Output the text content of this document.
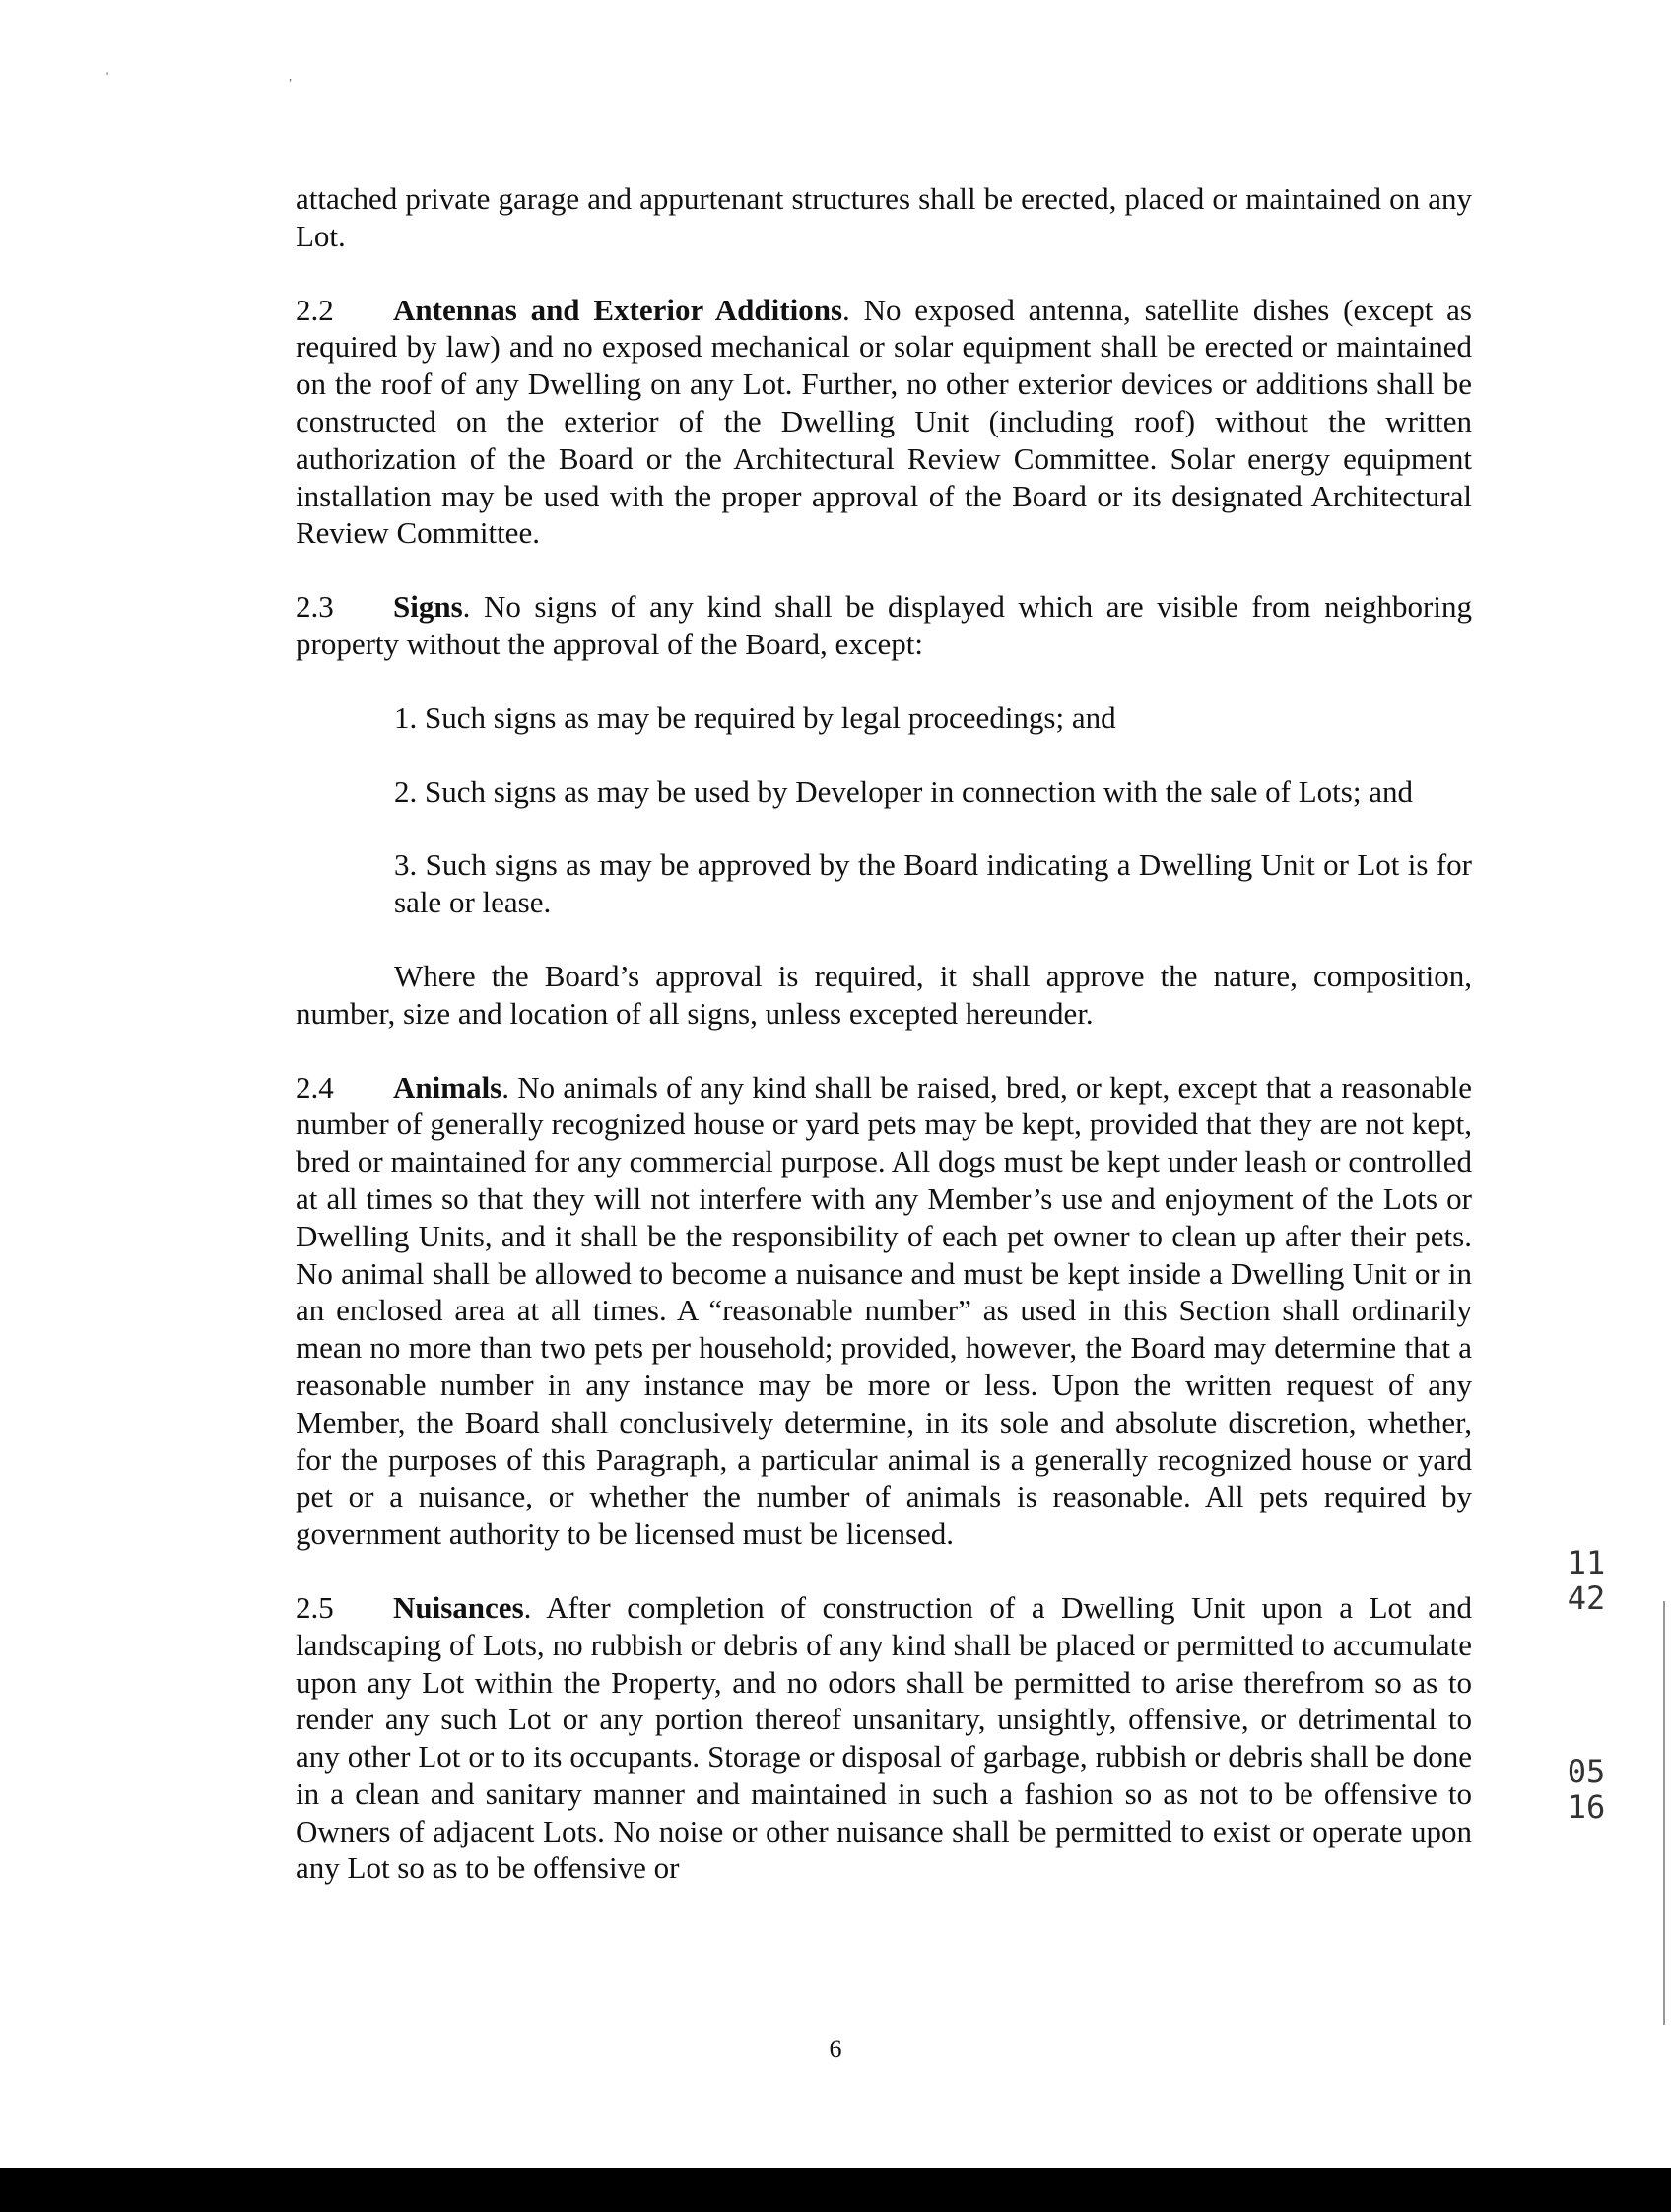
' ,

attached private garage and appurtenant structures shall be erected, placed or maintained on any Lot.

2.2 Antennas and Exterior Additions. No exposed antenna, satellite dishes (except as required by law) and no exposed mechanical or solar equipment shall be erected or maintained on the roof of any Dwelling on any Lot. Further, no other exterior devices or additions shall be constructed on the exterior of the Dwelling Unit (including roof) without the written authorization of the Board or the Architectural Review Committee. Solar energy equipment installation may be used with the proper approval of the Board or its designated Architectural Review Committee.

2.3 Signs. No signs of any kind shall be displayed which are visible from neighboring property without the approval of the Board, except:

1. Such signs as may be required by legal proceedings; and

2. Such signs as may be used by Developer in connection with the sale of Lots; and

3. Such signs as may be approved by the Board indicating a Dwelling Unit or Lot is for sale or lease.

Where the Board’s approval is required, it shall approve the nature, composition, number, size and location of all signs, unless excepted hereunder.

2.4 Animals. No animals of any kind shall be raised, bred, or kept, except that a reasonable number of generally recognized house or yard pets may be kept, provided that they are not kept, bred or maintained for any commercial purpose. All dogs must be kept under leash or controlled at all times so that they will not interfere with any Member’s use and enjoyment of the Lots or Dwelling Units, and it shall be the responsibility of each pet owner to clean up after their pets. No animal shall be allowed to become a nuisance and must be kept inside a Dwelling Unit or in an enclosed area at all times. A “reasonable number” as used in this Section shall ordinarily mean no more than two pets per household; provided, however, the Board may determine that a reasonable number in any instance may be more or less. Upon the written request of any Member, the Board shall conclusively determine, in its sole and absolute discretion, whether, for the purposes of this Paragraph, a particular animal is a generally recognized house or yard pet or a nuisance, or whether the number of animals is reasonable. All pets required by government authority to be licensed must be licensed.

2.5 Nuisances. After completion of construction of a Dwelling Unit upon a Lot and landscaping of Lots, no rubbish or debris of any kind shall be placed or permitted to accumulate upon any Lot within the Property, and no odors shall be permitted to arise therefrom so as to render any such Lot or any portion thereof unsanitary, unsightly, offensive, or detrimental to any other Lot or to its occupants. Storage or disposal of garbage, rubbish or debris shall be done in a clean and sanitary manner and maintained in such a fashion so as not to be offensive to Owners of adjacent Lots. No noise or other nuisance shall be permitted to exist or operate upon any Lot so as to be offensive or

1142
0516
6
